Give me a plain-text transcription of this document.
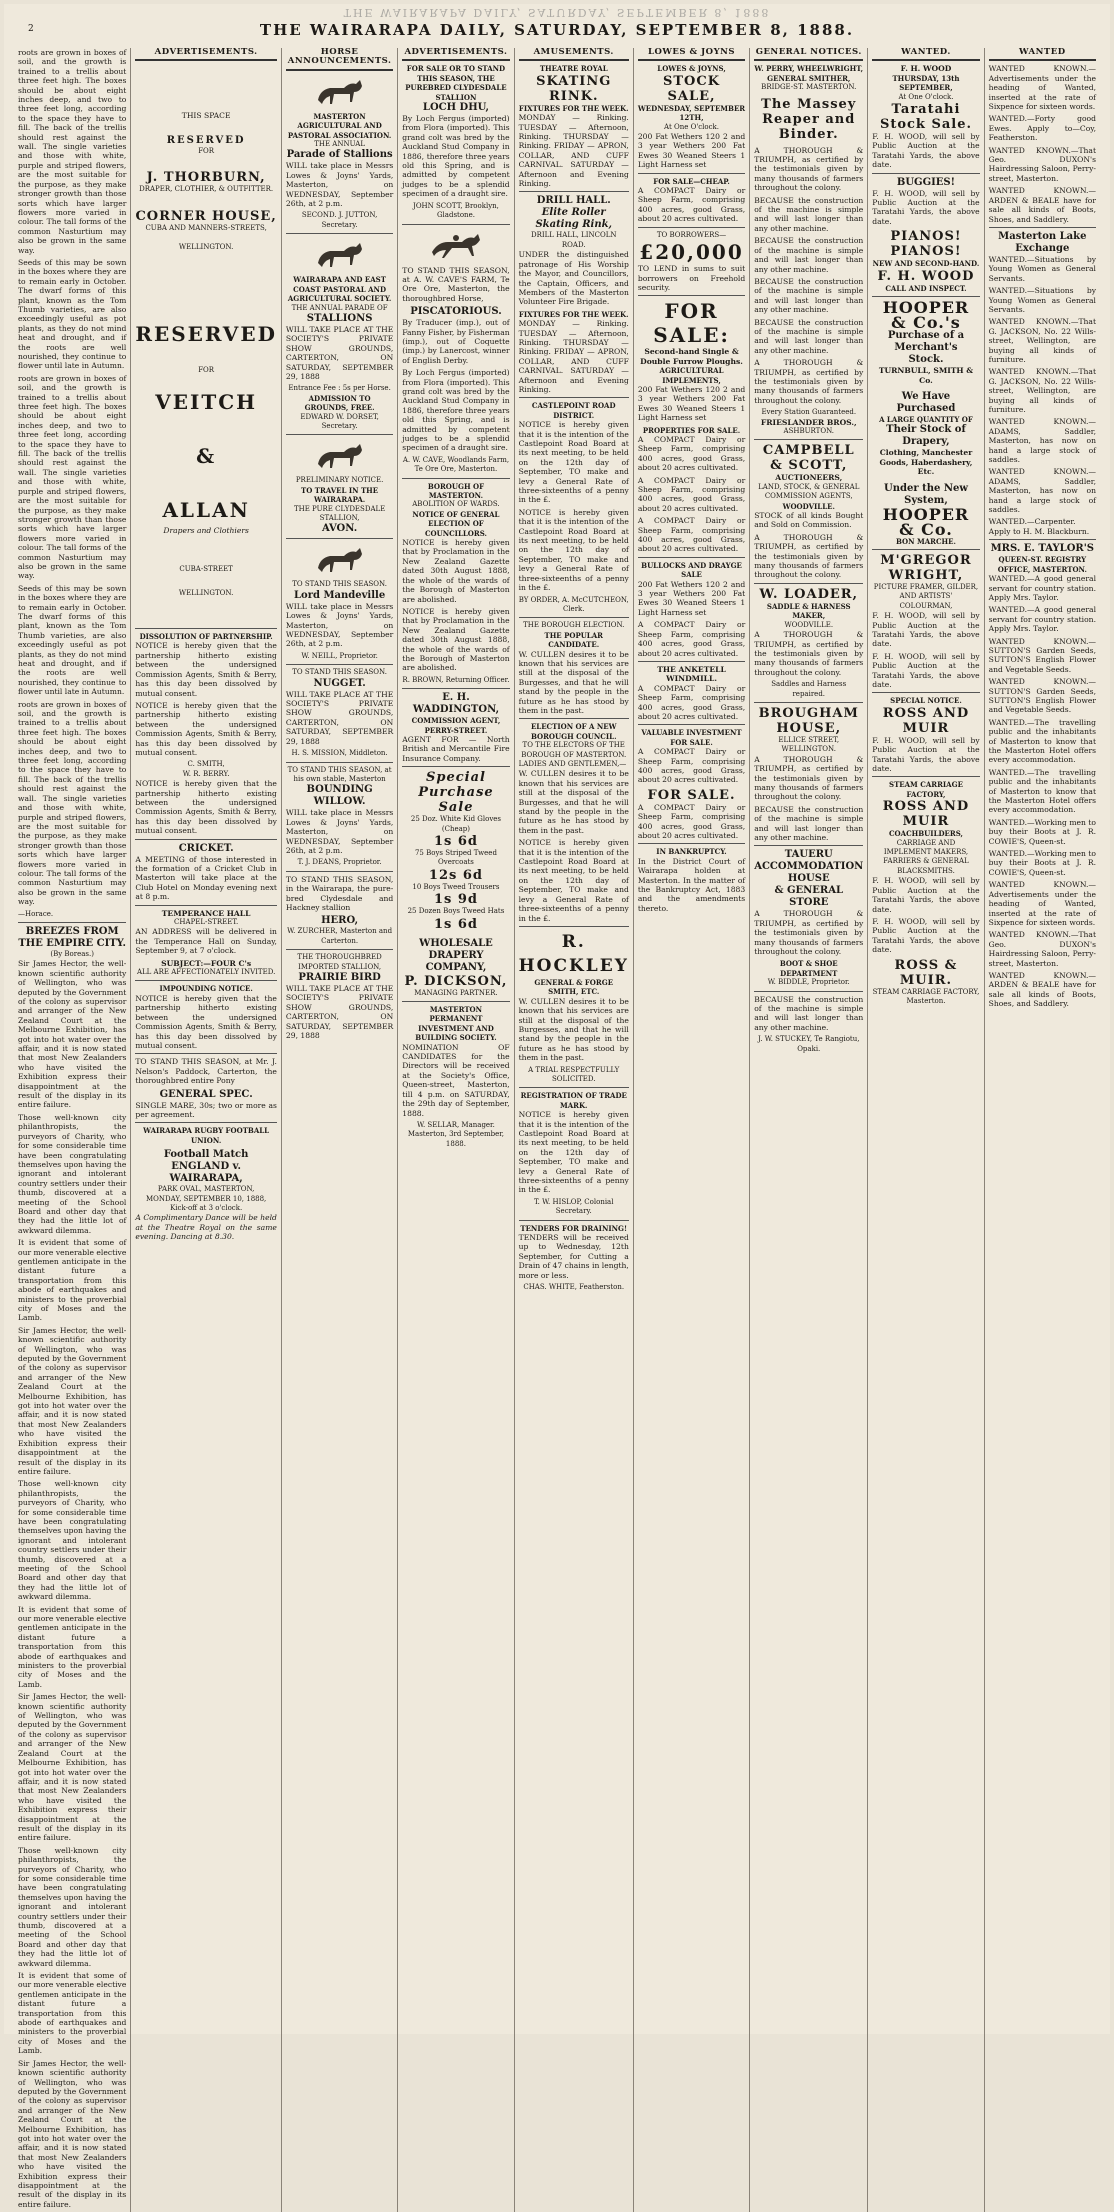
THE WAIRARAPA DAILY, SATURDAY, SEPTEMBER 8, 1888
THE WAIRARAPA DAILY, SATURDAY, SEPTEMBER 8, 1888.
2

roots are grown in boxes of soil, and the growth is trained to a trellis about three feet high. The boxes should be about eight inches deep, and two to three feet long, according to the space they have to fill. The back of the trellis should rest against the wall. The single varieties and those with white, purple and striped flowers, are the most suitable for the purpose, as they make stronger growth than those sorts which have larger flowers more varied in colour. The tall forms of the common Nasturtium may also be grown in the same way.

Seeds of this may be sown in the boxes where they are to remain early in October. The dwarf forms of this plant, known as the Tom Thumb varieties, are also exceedingly useful as pot plants, as they do not mind heat and drought, and if the roots are well nourished, they continue to flower until late in Autumn.

roots are grown in boxes of soil, and the growth is trained to a trellis about three feet high. The boxes should be about eight inches deep, and two to three feet long, according to the space they have to fill. The back of the trellis should rest against the wall. The single varieties and those with white, purple and striped flowers, are the most suitable for the purpose, as they make stronger growth than those sorts which have larger flowers more varied in colour. The tall forms of the common Nasturtium may also be grown in the same way.

Seeds of this may be sown in the boxes where they are to remain early in October. The dwarf forms of this plant, known as the Tom Thumb varieties, are also exceedingly useful as pot plants, as they do not mind heat and drought, and if the roots are well nourished, they continue to flower until late in Autumn.

roots are grown in boxes of soil, and the growth is trained to a trellis about three feet high. The boxes should be about eight inches deep, and two to three feet long, according to the space they have to fill. The back of the trellis should rest against the wall. The single varieties and those with white, purple and striped flowers, are the most suitable for the purpose, as they make stronger growth than those sorts which have larger flowers more varied in colour. The tall forms of the common Nasturtium may also be grown in the same way.

—Horace.

BREEZES FROM THE EMPIRE CITY.
(By Boreas.)

Sir James Hector, the well-known scientific authority of Wellington, who was deputed by the Government of the colony as supervisor and arranger of the New Zealand Court at the Melbourne Exhibition, has got into hot water over the affair, and it is now stated that most New Zealanders who have visited the Exhibition express their disappointment at the result of the display in its entire failure.

Those well-known city philanthropists, the purveyors of Charity, who for some considerable time have been congratulating themselves upon having the ignorant and intolerant country settlers under their thumb, discovered at a meeting of the School Board and other day that they had the little lot of awkward dilemma.

It is evident that some of our more venerable elective gentlemen anticipate in the distant future a transportation from this abode of earthquakes and ministers to the proverbial city of Moses and the Lamb.

Sir James Hector, the well-known scientific authority of Wellington, who was deputed by the Government of the colony as supervisor and arranger of the New Zealand Court at the Melbourne Exhibition, has got into hot water over the affair, and it is now stated that most New Zealanders who have visited the Exhibition express their disappointment at the result of the display in its entire failure.

Those well-known city philanthropists, the purveyors of Charity, who for some considerable time have been congratulating themselves upon having the ignorant and intolerant country settlers under their thumb, discovered at a meeting of the School Board and other day that they had the little lot of awkward dilemma.

It is evident that some of our more venerable elective gentlemen anticipate in the distant future a transportation from this abode of earthquakes and ministers to the proverbial city of Moses and the Lamb.

Sir James Hector, the well-known scientific authority of Wellington, who was deputed by the Government of the colony as supervisor and arranger of the New Zealand Court at the Melbourne Exhibition, has got into hot water over the affair, and it is now stated that most New Zealanders who have visited the Exhibition express their disappointment at the result of the display in its entire failure.

Those well-known city philanthropists, the purveyors of Charity, who for some considerable time have been congratulating themselves upon having the ignorant and intolerant country settlers under their thumb, discovered at a meeting of the School Board and other day that they had the little lot of awkward dilemma.

It is evident that some of our more venerable elective gentlemen anticipate in the distant future a transportation from this abode of earthquakes and ministers to the proverbial city of Moses and the Lamb.

Sir James Hector, the well-known scientific authority of Wellington, who was deputed by the Government of the colony as supervisor and arranger of the New Zealand Court at the Melbourne Exhibition, has got into hot water over the affair, and it is now stated that most New Zealanders who have visited the Exhibition express their disappointment at the result of the display in its entire failure.

ADVERTISEMENTS.
THIS SPACE
RESERVED
FOR
J. THORBURN,
DRAPER, CLOTHIER, & OUTFITTER.
CORNER HOUSE,
CUBA AND MANNERS-STREETS,
WELLINGTON.
RESERVED
FOR
VEITCH
&
ALLAN
Drapers and Clothiers
CUBA-STREET
WELLINGTON.
DISSOLUTION OF PARTNERSHIP.

NOTICE is hereby given that the partnership hitherto existing between the undersigned Commission Agents, Smith & Berry, has this day been dissolved by mutual consent.

NOTICE is hereby given that the partnership hitherto existing between the undersigned Commission Agents, Smith & Berry, has this day been dissolved by mutual consent.

C. SMITH,
W. R. BERRY.

NOTICE is hereby given that the partnership hitherto existing between the undersigned Commission Agents, Smith & Berry, has this day been dissolved by mutual consent.

CRICKET.

A MEETING of those interested in the formation of a Cricket Club in Masterton will take place at the Club Hotel on Monday evening next at 8 p.m.

TEMPERANCE HALL
CHAPEL-STREET.

AN ADDRESS will be delivered in the Temperance Hall on Sunday, September 9, at 7 o'clock.

SUBJECT:—FOUR C's
ALL ARE AFFECTIONATELY INVITED.
IMPOUNDING NOTICE.

NOTICE is hereby given that the partnership hitherto existing between the undersigned Commission Agents, Smith & Berry, has this day been dissolved by mutual consent.

TO STAND THIS SEASON, at Mr. J. Nelson's Paddock, Carterton, the thoroughbred entire Pony

GENERAL SPEC.

SINGLE MARE, 30s; two or more as per agreement.

WAIRARAPA RUGBY FOOTBALL UNION.
Football Match ENGLAND v. WAIRARAPA,
PARK OVAL, MASTERTON,
MONDAY, SEPTEMBER 10, 1888,
Kick-off at 3 o'clock.

A Complimentary Dance will be held at the Theatre Royal on the same evening. Dancing at 8.30.

HORSE ANNOUNCEMENTS.
MASTERTON AGRICULTURAL AND PASTORAL ASSOCIATION.
THE ANNUAL
Parade of Stallions

WILL take place in Messrs Lowes & Joyns' Yards, Masterton, on WEDNESDAY, September 26th, at 2 p.m.

SECOND. J. JUTTON, Secretary.
WAIRARAPA AND EAST COAST PASTORAL AND AGRICULTURAL SOCIETY.
THE ANNUAL PARADE OF
STALLIONS

WILL TAKE PLACE AT THE SOCIETY'S PRIVATE SHOW GROUNDS, CARTERTON, ON SATURDAY, SEPTEMBER 29, 1888

Entrance Fee : 5s per Horse.
ADMISSION TO GROUNDS, FREE.
EDWARD W. DORSET, Secretary.
PRELIMINARY NOTICE.
TO TRAVEL IN THE WAIRARAPA.
THE PURE CLYDESDALE STALLION,
AVON.
TO STAND THIS SEASON.
Lord Mandeville

WILL take place in Messrs Lowes & Joyns' Yards, Masterton, on WEDNESDAY, September 26th, at 2 p.m.

W. NEILL, Proprietor.
TO STAND THIS SEASON.
NUGGET.

WILL TAKE PLACE AT THE SOCIETY'S PRIVATE SHOW GROUNDS, CARTERTON, ON SATURDAY, SEPTEMBER 29, 1888

H. S. MISSION, Middleton.
TO STAND THIS SEASON, at his own stable, Masterton
BOUNDING WILLOW.

WILL take place in Messrs Lowes & Joyns' Yards, Masterton, on WEDNESDAY, September 26th, at 2 p.m.

T. J. DEANS, Proprietor.

TO STAND THIS SEASON, in the Wairarapa, the pure-bred Clydesdale and Hackney stallion

HERO,
W. ZURCHER, Masterton and Carterton.
THE THOROUGHBRED IMPORTED STALLION,
PRAIRIE BIRD

WILL TAKE PLACE AT THE SOCIETY'S PRIVATE SHOW GROUNDS, CARTERTON, ON SATURDAY, SEPTEMBER 29, 1888

ADVERTISEMENTS.
FOR SALE OR TO STAND THIS SEASON, THE PUREBRED CLYDESDALE STALLION
LOCH DHU,

By Loch Fergus (imported) from Flora (imported). This grand colt was bred by the Auckland Stud Company in 1886, therefore three years old this Spring, and is admitted by competent judges to be a splendid specimen of a draught sire.

JOHN SCOTT, Brooklyn, Gladstone.

TO STAND THIS SEASON, at A. W. CAVE'S FARM, Te Ore Ore, Masterton, the thoroughbred Horse,

PISCATORIOUS.

By Traducer (imp.), out of Fanny Fisher, by Fisherman (imp.), out of Coquette (imp.) by Lanercost, winner of English Derby.

By Loch Fergus (imported) from Flora (imported). This grand colt was bred by the Auckland Stud Company in 1886, therefore three years old this Spring, and is admitted by competent judges to be a splendid specimen of a draught sire.

A. W. CAVE, Woodlands Farm, Te Ore Ore, Masterton.
BOROUGH OF MASTERTON.
ABOLITION OF WARDS.
NOTICE OF GENERAL ELECTION OF COUNCILLORS.

NOTICE is hereby given that by Proclamation in the New Zealand Gazette dated 30th August 1888, the whole of the wards of the Borough of Masterton are abolished.

NOTICE is hereby given that by Proclamation in the New Zealand Gazette dated 30th August 1888, the whole of the wards of the Borough of Masterton are abolished.

R. BROWN, Returning Officer.
E. H. WADDINGTON,
COMMISSION AGENT,
PERRY-STREET.

AGENT FOR — North British and Mercantile Fire Insurance Company.

Special Purchase Sale
25 Doz. White Kid Gloves (Cheap)
1s 6d
75 Boys Striped Tweed Overcoats
12s 6d
10 Boys Tweed Trousers
1s 9d
25 Dozen Boys Tweed Hats
1s 6d
WHOLESALE
DRAPERY
COMPANY,
P. DICKSON,
MANAGING PARTNER.
MASTERTON PERMANENT INVESTMENT AND BUILDING SOCIETY.

NOMINATION OF CANDIDATES for the Directors will be received at the Society's Office, Queen-street, Masterton, till 4 p.m. on SATURDAY, the 29th day of September, 1888.

W. SELLAR, Manager. Masterton, 3rd September, 1888.
AMUSEMENTS.
THEATRE ROYAL
SKATING RINK.
FIXTURES FOR THE WEEK.

MONDAY — Rinking. TUESDAY — Afternoon, Rinking. THURSDAY — Rinking. FRIDAY — APRON, COLLAR, AND CUFF CARNIVAL. SATURDAY — Afternoon and Evening Rinking.

DRILL HALL.
Elite Roller Skating Rink,
DRILL HALL, LINCOLN ROAD.

UNDER the distinguished patronage of His Worship the Mayor, and Councillors, the Captain, Officers, and Members of the Masterton Volunteer Fire Brigade.

FIXTURES FOR THE WEEK.

MONDAY — Rinking. TUESDAY — Afternoon, Rinking. THURSDAY — Rinking. FRIDAY — APRON, COLLAR, AND CUFF CARNIVAL. SATURDAY — Afternoon and Evening Rinking.

CASTLEPOINT ROAD DISTRICT.

NOTICE is hereby given that it is the intention of the Castlepoint Road Board at its next meeting, to be held on the 12th day of September, TO make and levy a General Rate of three-sixteenths of a penny in the £.

NOTICE is hereby given that it is the intention of the Castlepoint Road Board at its next meeting, to be held on the 12th day of September, TO make and levy a General Rate of three-sixteenths of a penny in the £.

BY ORDER, A. McCUTCHEON, Clerk.
THE BOROUGH ELECTION.
THE POPULAR CANDIDATE.

W. CULLEN desires it to be known that his services are still at the disposal of the Burgesses, and that he will stand by the people in the future as he has stood by them in the past.

ELECTION OF A NEW BOROUGH COUNCIL.
TO THE ELECTORS OF THE BOROUGH OF MASTERTON.
LADIES AND GENTLEMEN,—

W. CULLEN desires it to be known that his services are still at the disposal of the Burgesses, and that he will stand by the people in the future as he has stood by them in the past.

NOTICE is hereby given that it is the intention of the Castlepoint Road Board at its next meeting, to be held on the 12th day of September, TO make and levy a General Rate of three-sixteenths of a penny in the £.

R. HOCKLEY
GENERAL & FORGE SMITH, ETC.

W. CULLEN desires it to be known that his services are still at the disposal of the Burgesses, and that he will stand by the people in the future as he has stood by them in the past.

A TRIAL RESPECTFULLY SOLICITED.
REGISTRATION OF TRADE MARK.

NOTICE is hereby given that it is the intention of the Castlepoint Road Board at its next meeting, to be held on the 12th day of September, TO make and levy a General Rate of three-sixteenths of a penny in the £.

T. W. HISLOP, Colonial Secretary.
TENDERS FOR DRAINING!

TENDERS will be received up to Wednesday, 12th September, for Cutting a Drain of 47 chains in length, more or less.

CHAS. WHITE, Featherston.
LOWES & JOYNS
LOWES & JOYNS,
STOCK SALE,
WEDNESDAY, SEPTEMBER 12TH,
At One O'clock.

200 Fat Wethers 120 2 and 3 year Wethers 200 Fat Ewes 30 Weaned Steers 1 Light Harness set

FOR SALE—CHEAP.

A COMPACT Dairy or Sheep Farm, comprising 400 acres, good Grass, about 20 acres cultivated.

TO BORROWERS—
£20,000

TO LEND in sums to suit borrowers on Freehold security.

FOR SALE:
Second-hand Single & Double Furrow Ploughs.
AGRICULTURAL IMPLEMENTS,

200 Fat Wethers 120 2 and 3 year Wethers 200 Fat Ewes 30 Weaned Steers 1 Light Harness set

PROPERTIES FOR SALE.

A COMPACT Dairy or Sheep Farm, comprising 400 acres, good Grass, about 20 acres cultivated.

A COMPACT Dairy or Sheep Farm, comprising 400 acres, good Grass, about 20 acres cultivated.

A COMPACT Dairy or Sheep Farm, comprising 400 acres, good Grass, about 20 acres cultivated.

BULLOCKS AND DRAYGE SALE

200 Fat Wethers 120 2 and 3 year Wethers 200 Fat Ewes 30 Weaned Steers 1 Light Harness set

A COMPACT Dairy or Sheep Farm, comprising 400 acres, good Grass, about 20 acres cultivated.

THE ANKETELL WINDMILL.

A COMPACT Dairy or Sheep Farm, comprising 400 acres, good Grass, about 20 acres cultivated.

VALUABLE INVESTMENT FOR SALE.

A COMPACT Dairy or Sheep Farm, comprising 400 acres, good Grass, about 20 acres cultivated.

FOR SALE.

A COMPACT Dairy or Sheep Farm, comprising 400 acres, good Grass, about 20 acres cultivated.

IN BANKRUPTCY.

In the District Court of Wairarapa holden at Masterton. In the matter of the Bankruptcy Act, 1883 and the amendments thereto.

GENERAL NOTICES.
W. PERRY, WHEELWRIGHT, GENERAL SMITHER,
BRIDGE-ST. MASTERTON.
The Massey Reaper and Binder.

A THOROUGH & TRIUMPH, as certified by the testimonials given by many thousands of farmers throughout the colony.

BECAUSE the construction of the machine is simple and will last longer than any other machine.

BECAUSE the construction of the machine is simple and will last longer than any other machine.

BECAUSE the construction of the machine is simple and will last longer than any other machine.

BECAUSE the construction of the machine is simple and will last longer than any other machine.

A THOROUGH & TRIUMPH, as certified by the testimonials given by many thousands of farmers throughout the colony.

Every Station Guaranteed.
FRIESLANDER BROS.,
ASHBURTON.
CAMPBELL & SCOTT,
AUCTIONEERS,
LAND, STOCK, & GENERAL COMMISSION AGENTS,
WOODVILLE.

STOCK of all kinds Bought and Sold on Commission.

A THOROUGH & TRIUMPH, as certified by the testimonials given by many thousands of farmers throughout the colony.

W. LOADER,
SADDLE & HARNESS MAKER,
WOODVILLE.

A THOROUGH & TRIUMPH, as certified by the testimonials given by many thousands of farmers throughout the colony.

Saddles and Harness repaired.
BROUGHAM HOUSE,
ELLICE STREET, WELLINGTON.

A THOROUGH & TRIUMPH, as certified by the testimonials given by many thousands of farmers throughout the colony.

BECAUSE the construction of the machine is simple and will last longer than any other machine.

TAUERU ACCOMMODATION HOUSE
& GENERAL STORE

A THOROUGH & TRIUMPH, as certified by the testimonials given by many thousands of farmers throughout the colony.

BOOT & SHOE DEPARTMENT
W. BIDDLE, Proprietor.

BECAUSE the construction of the machine is simple and will last longer than any other machine.

J. W. STUCKEY, Te Rangiotu, Opaki.
WANTED.
F. H. WOOD
THURSDAY, 13th SEPTEMBER,
At One O'clock.
Taratahi Stock Sale.

F. H. WOOD, will sell by Public Auction at the Taratahi Yards, the above date.

BUGGIES!

F. H. WOOD, will sell by Public Auction at the Taratahi Yards, the above date.

PIANOS! PIANOS!
NEW AND SECOND-HAND.
F. H. WOOD
CALL AND INSPECT.
HOOPER & Co.'s
Purchase of a Merchant's
Stock.
TURNBULL, SMITH & Co.
We Have Purchased
A LARGE QUANTITY OF
Their Stock of Drapery,
Clothing, Manchester Goods, Haberdashery, Etc.
Under the New System,
HOOPER & Co.
BON MARCHE.
M'GREGOR WRIGHT,
PICTURE FRAMER, GILDER, AND ARTISTS' COLOURMAN,

F. H. WOOD, will sell by Public Auction at the Taratahi Yards, the above date.

F. H. WOOD, will sell by Public Auction at the Taratahi Yards, the above date.

SPECIAL NOTICE.
ROSS AND MUIR

F. H. WOOD, will sell by Public Auction at the Taratahi Yards, the above date.

STEAM CARRIAGE FACTORY,
ROSS AND MUIR
COACHBUILDERS,
CARRIAGE AND IMPLEMENT MAKERS, FARRIERS & GENERAL BLACKSMITHS.

F. H. WOOD, will sell by Public Auction at the Taratahi Yards, the above date.

F. H. WOOD, will sell by Public Auction at the Taratahi Yards, the above date.

ROSS & MUIR.
STEAM CARRIAGE FACTORY, Masterton.
WANTED

WANTED KNOWN.—Advertisements under the heading of Wanted, inserted at the rate of Sixpence for sixteen words.

WANTED.—Forty good Ewes. Apply to—Coy, Featherston.

WANTED KNOWN.—That Geo. DUXON's Hairdressing Saloon, Perry-street, Masterton.

WANTED KNOWN.—ARDEN & BEALE have for sale all kinds of Boots, Shoes, and Saddlery.

Masterton Lake Exchange

WANTED.—Situations by Young Women as General Servants.

WANTED.—Situations by Young Women as General Servants.

WANTED KNOWN.—That G. JACKSON, No. 22 Wills-street, Wellington, are buying all kinds of furniture.

WANTED KNOWN.—That G. JACKSON, No. 22 Wills-street, Wellington, are buying all kinds of furniture.

WANTED KNOWN.—ADAMS, Saddler, Masterton, has now on hand a large stock of saddles.

WANTED KNOWN.—ADAMS, Saddler, Masterton, has now on hand a large stock of saddles.

WANTED.—Carpenter. Apply to H. M. Blackburn.

MRS. E. TAYLOR'S
QUEEN-ST. REGISTRY OFFICE, MASTERTON.

WANTED.—A good general servant for country station. Apply Mrs. Taylor.

WANTED.—A good general servant for country station. Apply Mrs. Taylor.

WANTED KNOWN.—SUTTON'S Garden Seeds, SUTTON'S English Flower and Vegetable Seeds.

WANTED KNOWN.—SUTTON'S Garden Seeds, SUTTON'S English Flower and Vegetable Seeds.

WANTED.—The travelling public and the inhabitants of Masterton to know that the Masterton Hotel offers every accommodation.

WANTED.—The travelling public and the inhabitants of Masterton to know that the Masterton Hotel offers every accommodation.

WANTED.—Working men to buy their Boots at J. R. COWIE'S, Queen-st.

WANTED.—Working men to buy their Boots at J. R. COWIE'S, Queen-st.

WANTED KNOWN.—Advertisements under the heading of Wanted, inserted at the rate of Sixpence for sixteen words.

WANTED KNOWN.—That Geo. DUXON's Hairdressing Saloon, Perry-street, Masterton.

WANTED KNOWN.—ARDEN & BEALE have for sale all kinds of Boots, Shoes, and Saddlery.
